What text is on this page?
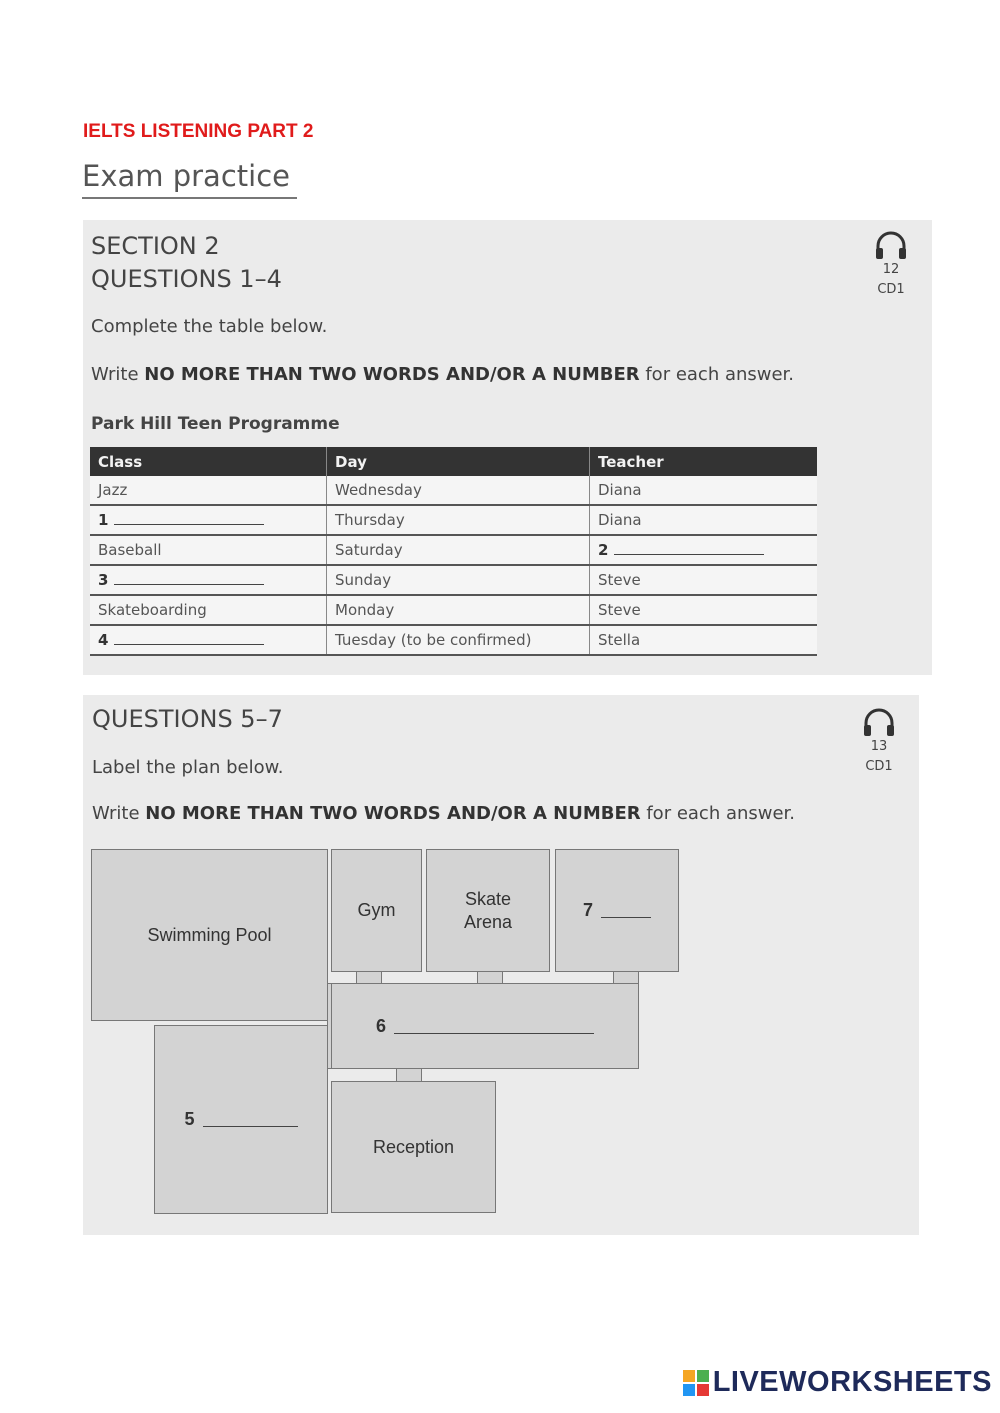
IELTS LISTENING PART 2
Exam practice
SECTION 2
QUESTIONS 1–4	12
CD1
Complete the table below.
Write NO MORE THAN TWO WORDS AND/OR A NUMBER for each answer.
Park Hill Teen Programme
Class	Day	Teacher
Jazz	Wednesday	Diana
1	Thursday	Diana
Baseball	Saturday	2
3	Sunday	Steve
Skateboarding	Monday	Steve
4	Tuesday (to be confirmed)	Stella
QUESTIONS 5–7
13
CD1
Label the plan below.
Write NO MORE THAN TWO WORDS AND/OR A NUMBER for each answer.
Swimming Pool
Gym
Skate
Arena
7
6
5
Reception
LIVEWORKSHEETS
